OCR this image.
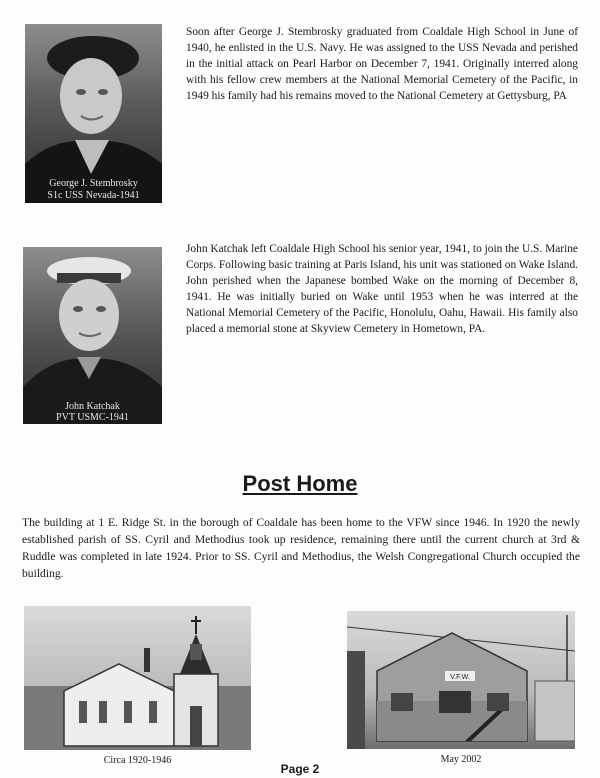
George J. Stembrosky
S1c USS Nevada-1941

Soon after George J. Stembrosky graduated from Coaldale High School in June of 1940, he enlisted in the U.S. Navy. He was assigned to the USS Nevada and perished in the initial attack on Pearl Harbor on December 7, 1941. Originally interred along with his fellow crew members at the National Memorial Cemetery of the Pacific, in 1949 his family had his remains moved to the National Cemetery at Gettysburg, PA

John Katchak
PVT USMC-1941

John Katchak left Coaldale High School his senior year, 1941, to join the U.S. Marine Corps. Following basic training at Paris Island, his unit was stationed on Wake Island. John perished when the Japanese bombed Wake on the morning of December 8, 1941. He was initially buried on Wake until 1953 when he was interred at the National Memorial Cemetery of the Pacific, Honolulu, Oahu, Hawaii. His family also placed a memorial stone at Skyview Cemetery in Hometown, PA.

Post Home

The building at 1 E. Ridge St. in the borough of Coaldale has been home to the VFW since 1946. In 1920 the newly established parish of SS. Cyril and Methodius took up residence, remaining there until the current church at 3rd & Ruddle was completed in late 1924. Prior to SS. Cyril and Methodius, the Welsh Congregational Church occupied the building.

Circa 1920-1946
V.F.W.
May 2002
Page 2
